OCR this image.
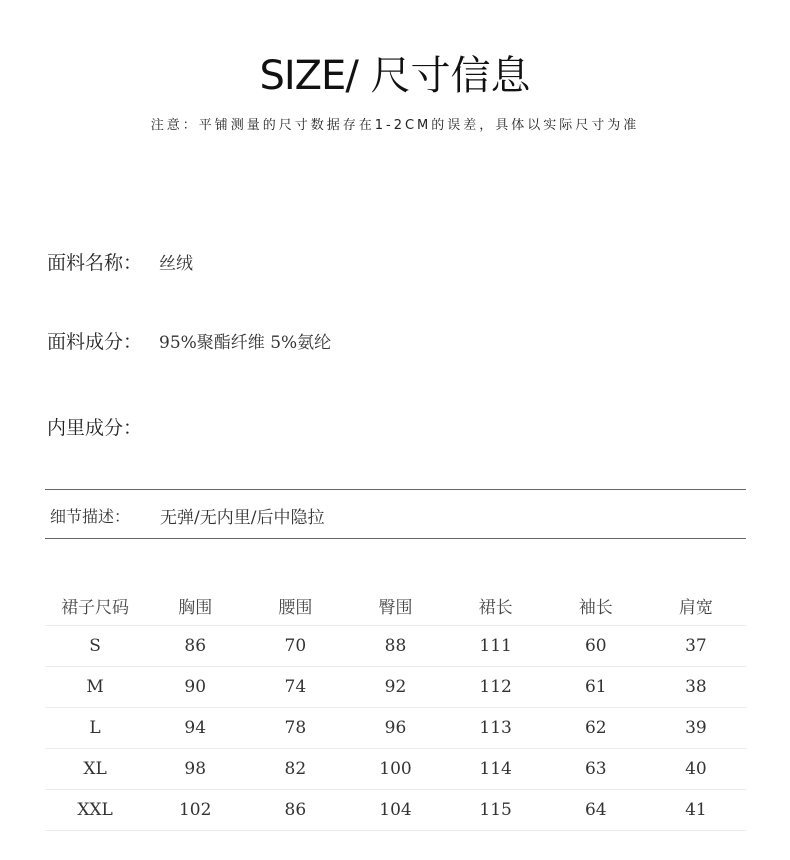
SIZE/ 尺寸信息
注意：平铺测量的尺寸数据存在1-2CM的误差，具体以实际尺寸为准
面料名称： 丝绒
面料成分： 95%聚酯纤维 5%氨纶
内里成分：
细节描述： 无弹/无内里/后中隐拉
裙子尺码	胸围	腰围	臀围	裙长	袖长	肩宽
S	86	70	88	111	60	37
M	90	74	92	112	61	38
L	94	78	96	113	62	39
XL	98	82	100	114	63	40
XXL	102	86	104	115	64	41
